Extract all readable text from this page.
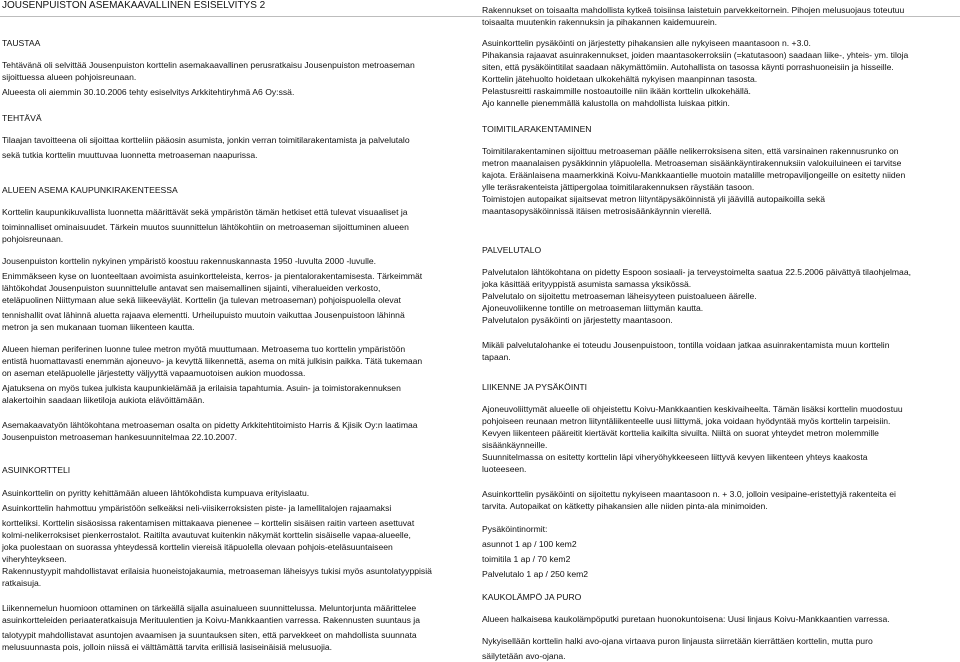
JOUSENPUISTON ASEMAKAAVALLINEN ESISELVITYS 2
TAUSTAA
Tehtävänä oli selvittää Jousenpuiston korttelin asemakaavallinen perusratkaisu Jousenpuiston metroaseman
sijoittuessa alueen pohjoisreunaan.
Alueesta oli aiemmin 30.10.2006 tehty esiselvitys Arkkitehtiryhmä A6 Oy:ssä.
TEHTÄVÄ
Tilaajan tavoitteena oli sijoittaa kortteliin pääosin asumista, jonkin verran toimitilarakentamista ja palvelutalo
sekä tutkia korttelin muuttuvaa luonnetta metroaseman naapurissa.
ALUEEN ASEMA KAUPUNKIRAKENTEESSA
Korttelin kaupunkikuvallista luonnetta määrittävät sekä ympäristön tämän hetkiset että tulevat visuaaliset ja
toiminnalliset ominaisuudet. Tärkein muutos suunnittelun lähtökohtiin on metroaseman sijoittuminen alueen
pohjoisreunaan.
Jousenpuiston korttelin nykyinen ympäristö koostuu rakennuskannasta 1950 -luvulta 2000 -luvulle.
Enimmäkseen kyse on luonteeltaan avoimista asuinkortteleista, kerros- ja pientalorakentamisesta. Tärkeimmät
lähtökohdat Jousenpuiston suunnittelulle antavat sen maisemallinen sijainti, viheralueiden verkosto,
eteläpuolinen Niittymaan alue sekä Iiikeeväylät. Korttelin (ja tulevan metroaseman) pohjoispuolella olevat
tennishallit ovat lähinnä aluetta rajaava elementti. Urheilupuisto muutoin vaikuttaa Jousenpuistoon lähinnä
metron ja sen mukanaan tuoman liikenteen kautta.
Alueen hieman periferinen luonne tulee metron myötä muuttumaan. Metroasema tuo korttelin ympäristöön
entistä huomattavasti enemmän ajoneuvo- ja kevyttä liikennettä, asema on mitä julkisin paikka. Tätä tukemaan
on aseman eteläpuolelle järjestetty väljyyttä vapaamuotoisen aukion muodossa.
Ajatuksena on myös tukea julkista kaupunkielämää ja erilaisia tapahtumia. Asuin- ja toimistorakennuksen
alakertoihin saadaan liiketiloja aukiota elävöittämään.
Asemakaavatyön lähtökohtana metroaseman osalta on pidetty Arkkitehtitoimisto Harris & Kjisik Oy:n laatimaa
Jousenpuiston metroaseman hankesuunnitelmaa 22.10.2007.
ASUINKORTTELI
Asuinkorttelin on pyritty kehittämään alueen lähtökohdista kumpuava erityislaatu.
Asuinkorttelin hahmottuu ympäristöön selkeäksi neli-viisikerroksisten piste- ja lamellitalojen rajaamaksi
kortteliksi. Korttelin sisäosissa rakentamisen mittakaava pienenee – korttelin sisäisen raitin varteen asettuvat
kolmi-nelikerroksiset pienkerrostalot. Raitilta avautuvat kuitenkin näkymät korttelin sisäiselle vapaa-alueelle,
joka puolestaan on suorassa yhteydessä korttelin viereisä itäpuolella olevaan pohjois-eteläsuuntaiseen
viheryhteykseen.
Rakennustyypit mahdollistavat erilaisia huoneistojakaumia, metroaseman läheisyys tukisi myös asuntolatyyppisiä
ratkaisuja.
Liikennemelun huomioon ottaminen on tärkeällä sijalla asuinalueen suunnittelussa. Meluntorjunta määrittelee
asuinkortteleiden periaateratkaisuja Merituulentien ja Koivu-Mankkaantien varressa. Rakennusten suuntaus ja
talotyypit mahdollistavat asuntojen avaamisen ja suuntauksen siten, että parvekkeet on mahdollista suunnata
melusuunnasta pois, jolloin niissä ei välttämättä tarvita erillisiä lasiseinäisiä melusuojia.
Rakennukset on toisaalta mahdollista kytkeä toisiinsa laistetuin parvekkeitornein. Pihojen melusuojaus toteutuu
toisaalta muutenkin rakennuksin ja pihakannen kaidemuurein.
Asuinkorttelin pysäköinti on järjestetty pihakansien alle nykyiseen maantasoon n. +3.0.
Pihakansia rajaavat asuinrakennukset, joiden maantasokerroksiin (=katutasoon) saadaan liike-, yhteis- ym. tiloja
siten, että pysäköintitilat saadaan näkymättömiin. Autohallista on tasossa käynti porrashuoneisiin ja hisseille.
Korttelin jätehuolto hoidetaan ulkokehältä nykyisen maanpinnan tasosta.
Pelastusreitti raskaimmille nostoautoille niin ikään korttelin ulkokehällä.
Ajo kannelle pienemmällä kalustolla on mahdollista luiskaa pitkin.
TOIMITILARAKENTAMINEN
Toimitilarakentaminen sijoittuu metroaseman päälle nelikerroksisena siten, että varsinainen rakennusrunko on
metron maanalaisen pysäkkinnin yläpuolella. Metroaseman sisäänkäyntirakennuksiin valokuiluineen ei tarvitse
kajota. Eräänlaisena maamerkkinä Koivu-Mankkaantielle muotoin matalille metropaviljongeille on esitetty niiden
ylle teräsrakenteista jättipergolaa toimitilarakennuksen räystään tasoon.
Toimistojen autopaikat sijaitsevat metron liityntäpysäköinnistä yli jäävillä autopaikoilla sekä
maantasopysäköinnissä itäisen metrosisäänkäynnin vierellä.
PALVELUTALO
Palvelutalon lähtökohtana on pidetty Espoon sosiaali- ja terveystoimelta saatua 22.5.2006 päivättyä tilaohjelmaa,
joka käsittää erityyppistä asumista samassa yksikössä.
Palvelutalo on sijoitettu metroaseman läheisyyteen puistoalueen äärelle.
Ajoneuvoliikenne tontille on metroaseman liittymän kautta.
Palvelutalon pysäköinti on järjestetty maantasoon.
Mikäli palvelutalohanke ei toteudu Jousenpuistoon, tontilla voidaan jatkaa asuinrakentamista muun korttelin
tapaan.
LIIKENNE JA PYSÄKÖINTI
Ajoneuvoliittymät alueelle oli ohjeistettu Koivu-Mankkaantien keskivaiheelta. Tämän lisäksi korttelin muodostuu
pohjoiseen reunaan metron liityntäliikenteelle uusi liittymä, joka voidaan hyödyntää myös korttelin tarpeisiin.
Kevyen liikenteen pääreitit kiertävät korttelia kaikilta sivuilta. Niiltä on suorat yhteydet metron molemmille
sisäänkäynneille.
Suunnitelmassa on esitetty korttelin läpi viheryöhykkeeseen liittyvä kevyen liikenteen yhteys kaakosta
luoteeseen.
Asuinkorttelin pysäköinti on sijoitettu nykyiseen maantasoon n. + 3.0, jolloin vesipaine-eristettyjä rakenteita ei
tarvita. Autopaikat on kätketty pihakansien alle niiden pinta-ala minimoiden.
Pysäköintinormit:
asunnot 1 ap / 100 kem2
toimitila 1 ap / 70 kem2
Palvelutalo 1 ap / 250 kem2
KAUKOLÄMPÖ JA PURO
Alueen halkaisева kaukolämpöputki puretaan huonokuntoisena: Uusi linjaus Koivu-Mankkaantien varressa.
Nykyisellään korttelin halki avo-ojana virtaava puron linjausta siirretään kierrättäen korttelin, mutta puro
säilytetään avo-ojana.
